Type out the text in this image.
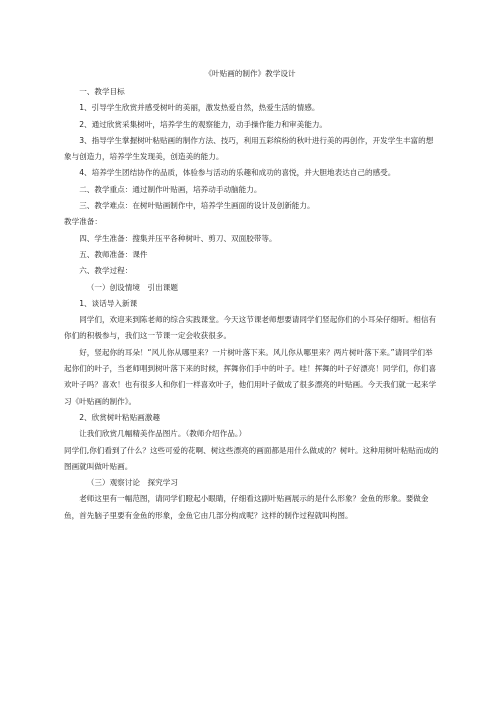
《叶贴画的制作》教学设计

一、教学目标

1、引导学生欣赏并感受树叶的美丽，激发热爱自然，热爱生活的情感。

2、通过欣赏采集树叶，培养学生的观察能力，动手操作能力和审美能力。

3、指导学生掌握树叶粘贴画的制作方法、技巧，利用五彩缤纷的秋叶进行美的再创作，开发学生丰富的想象与创造力，培养学生发现美，创造美的能力。

4、培养学生团结协作的品质，体验参与活动的乐趣和成功的喜悦，并大胆地表达自己的感受。

二、教学重点：通过制作叶贴画，培养动手动脑能力。

三、教学难点：在树叶贴画制作中，培养学生画面的设计及创新能力。

教学准备：

四、学生准备：搜集并压平各种树叶、剪刀、双面胶带等。

五、教师准备：课件

六、教学过程：

（一）创设情境　引出课题

1、谈话导入新课

同学们，欢迎来到陈老师的综合实践课堂。今天这节课老师想要请同学们竖起你们的小耳朵仔细听。相信有你们的积极参与，我们这一节课一定会收获很多。

好，竖起你的耳朵！“风儿你从哪里来？一片树叶落下来。风儿你从哪里来？两片树叶落下来。”请同学们举起你们的叶子，当老师唱到树叶落下来的时候，挥舞你们手中的叶子。哇！挥舞的叶子好漂亮！同学们，你们喜欢叶子吗？喜欢！也有很多人和你们一样喜欢叶子，他们用叶子做成了很多漂亮的叶贴画。今天我们就一起来学习《叶贴画的制作》。

2、欣赏树叶粘贴画激趣

让我们欣赏几幅精美作品图片。（教师介绍作品。）

同学们,你们看到了什么？这些可爱的花啊、树这些漂亮的画面都是用什么做成的？树叶。这种用树叶粘贴而成的图画就叫做叶贴画。

（三）观察讨论　探究学习

老师这里有一幅范图，请同学们瞪起小眼睛，仔细看这副叶贴画展示的是什么形象？金鱼的形象。要做金鱼，首先脑子里要有金鱼的形象，金鱼它由几部分构成呢？这样的制作过程就叫构图。
